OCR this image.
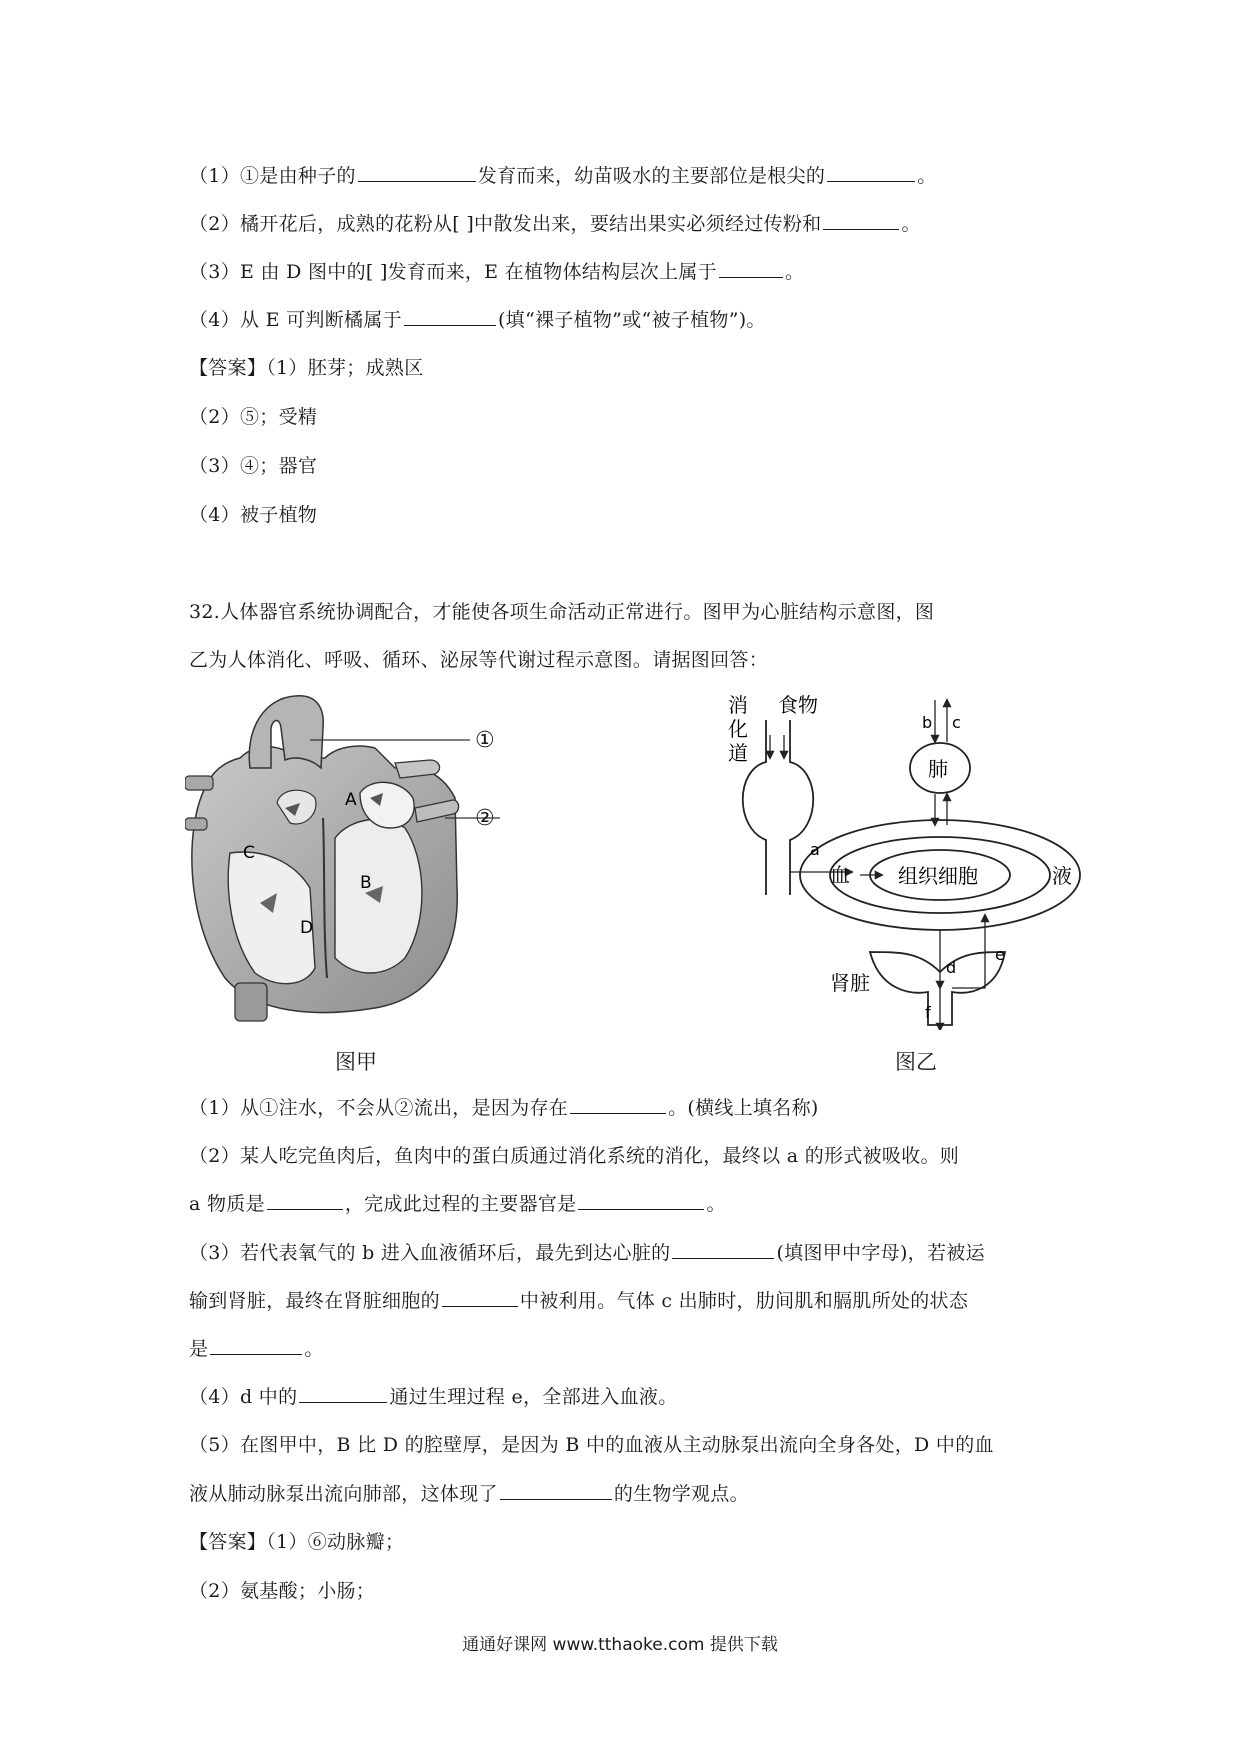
（1）①是由种子的	发育而来，幼苗吸水的主要部位是根尖的	。
（2）橘开花后，成熟的花粉从[ ]中散发出来，要结出果实必须经过传粉和	。
（3）E 由 D 图中的[ ]发育而来，E 在植物体结构层次上属于	。
（4）从 E 可判断橘属于	(填“裸子植物”或“被子植物”)。
【答案】（1）胚芽；成熟区
（2）⑤；受精
（3）④；器官
（4）被子植物
32.人体器官系统协调配合，才能使各项生命活动正常进行。图甲为心脏结构示意图，图
乙为人体消化、呼吸、循环、泌尿等代谢过程示意图。请据图回答：
A
B
C
D
①
②
图甲
a
b c
d
e
f
肺
血 组织细胞	液
肾脏
食物
消
化
道
图乙
（1）从①注水，不会从②流出，是因为存在	。(横线上填名称)
（2）某人吃完鱼肉后，鱼肉中的蛋白质通过消化系统的消化，最终以 a 的形式被吸收。则
a 物质是	，完成此过程的主要器官是	。
（3）若代表氧气的 b 进入血液循环后，最先到达心脏的	(填图甲中字母)，若被运
输到肾脏，最终在肾脏细胞的	中被利用。气体 c 出肺时，肋间肌和膈肌所处的状态
是	。
（4）d 中的	通过生理过程 e，全部进入血液。
（5）在图甲中，B 比 D 的腔壁厚，是因为 B 中的血液从主动脉泵出流向全身各处，D 中的血
液从肺动脉泵出流向肺部，这体现了	的生物学观点。
【答案】（1）⑥动脉瓣；
（2）氨基酸；小肠；
通通好课网 www.tthaoke.com 提供下载
